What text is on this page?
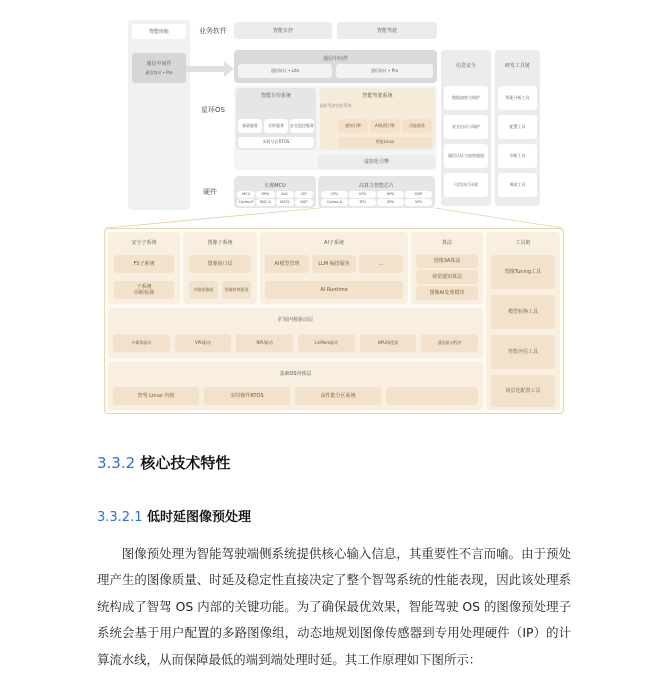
智能座舱
通信中间件
通信协议 • Pro
业务软件
星环OS
硬件
智能车控	智能驾驶
通信中间件
通信协议 • Lite	通信协议 • Pro
智能车控系统	智能驾驶系统
高阶驾驶定时系统
基础服务	实时服务	安全监控服务	感知引擎	AI推理引擎	功能服务
实时分区RTOS	智能Linux
虚拟化引擎
车规MCU
MCU	MPU	SoC	ISP
Cortex-R	RISC-V	GD32	NXP
高算力智能芯片
CPU	GPU	NPU	DSP
Cortex-A	TPU	DPU	VPU
信息安全	研发工具链
数据加密与保护
安全启动与保护
通信认证与加密通道
可信执行环境
智能分析工具
配置工具
诊断工具
调试工具
安全子系统
FS子系统
子系统
诊断检测
图像子系统
图像接口层
多路图像组	图像转换服务
AI子系统
AI模型管理	LLM 编排服务	...
AI Runtime
算法
图像3A算法
视觉感知算法
图像AI处理模块
工具链
图像Tuning工具
模型转换工具
性能评估工具
场景化配置工具
扩展内核驱动层
多媒体驱动	VPU驱动	NPU驱动	LinMem驱动	NPU调度器	通信驱动程序
基础OS内核层
智驾 Linux 内核	实时操作RTOS	高性能分区系统
3.3.2 核心技术特性
3.3.2.1 低时延图像预处理
图像预处理为智能驾驶端侧系统提供核心输入信息，其重要性不言而喻。由于预处理产生的图像质量、时延及稳定性直接决定了整个智驾系统的性能表现，因此该处理系统构成了智驾 OS 内部的关键功能。为了确保最优效果，智能驾驶 OS 的图像预处理子系统会基于用户配置的多路图像组，动态地规划图像传感器到专用处理硬件（IP）的计算流水线，从而保障最低的端到端处理时延。其工作原理如下图所示：
